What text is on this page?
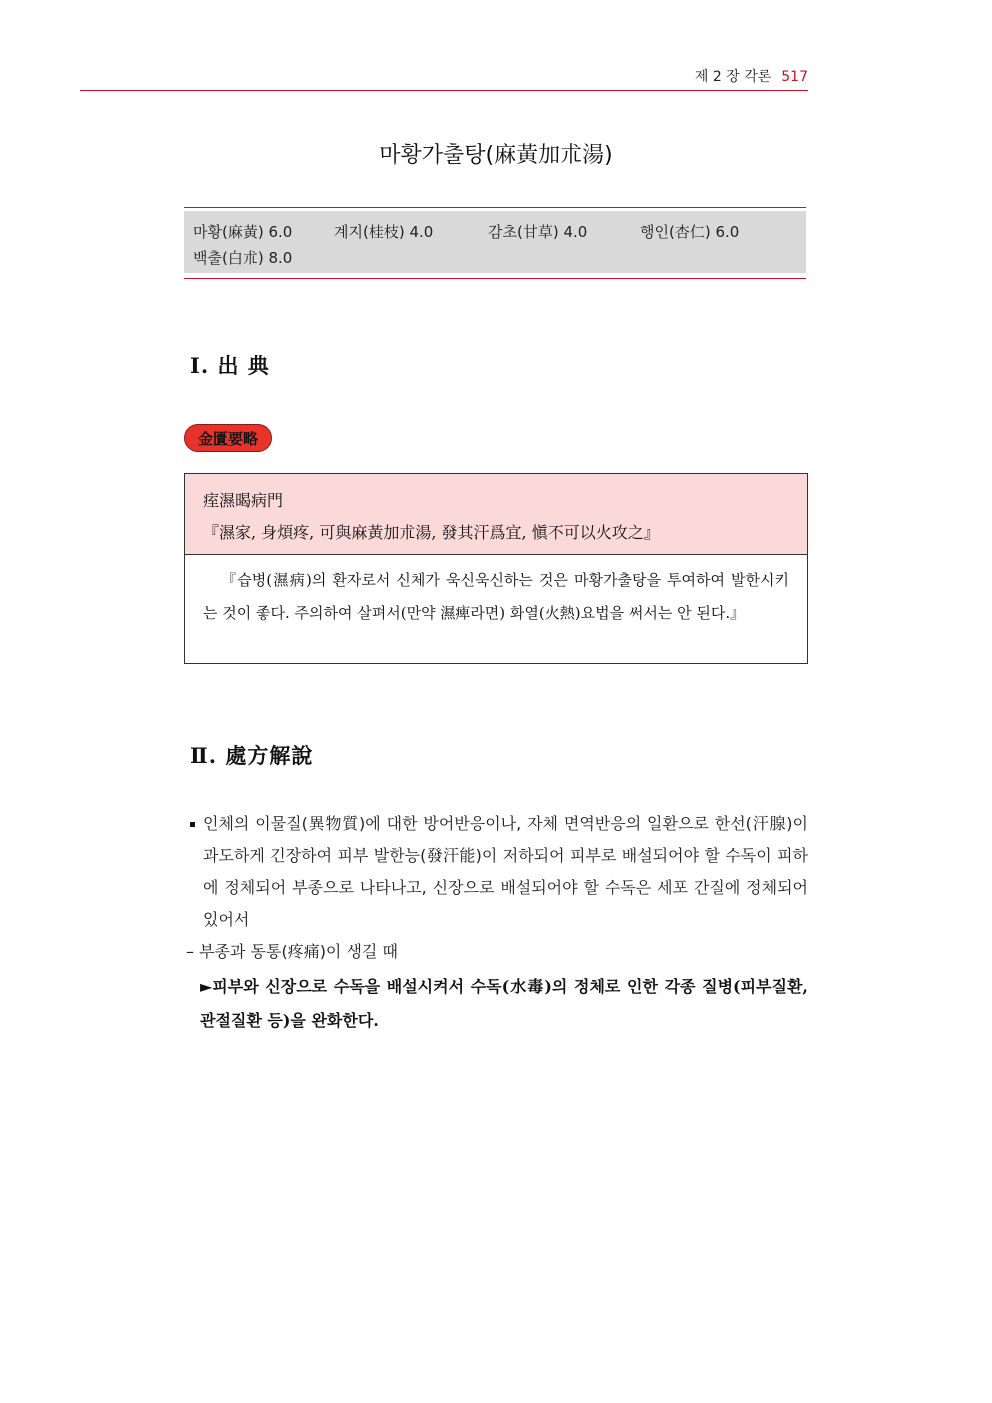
제 2 장 각론 517
마황가출탕(麻黃加朮湯)
마황(麻黃) 6.0	계지(桂枝) 4.0	감초(甘草) 4.0	행인(杏仁) 6.0
백출(白朮) 8.0
Ⅰ. 出 典
金匱要略
痓濕暍病門
『濕家, 身煩疼, 可與麻黃加朮湯, 發其汗爲宜, 愼不可以火攻之』
『습병(濕病)의 환자로서 신체가 욱신욱신하는 것은 마황가출탕을 투여하여 발한시키는 것이 좋다. 주의하여 살펴서(만약 濕痺라면) 화열(火熱)요법을 써서는 안 된다.』
Ⅱ. 處方解說
인체의 이물질(異物質)에 대한 방어반응이나, 자체 면역반응의 일환으로 한선(汗腺)이 과도하게 긴장하여 피부 발한능(發汗能)이 저하되어 피부로 배설되어야 할 수독이 피하에 정체되어 부종으로 나타나고, 신장으로 배설되어야 할 수독은 세포 간질에 정체되어 있어서
– 부종과 동통(疼痛)이 생길 때
►피부와 신장으로 수독을 배설시켜서 수독(水毒)의 정체로 인한 각종 질병(피부질환, 관절질환 등)을 완화한다.
